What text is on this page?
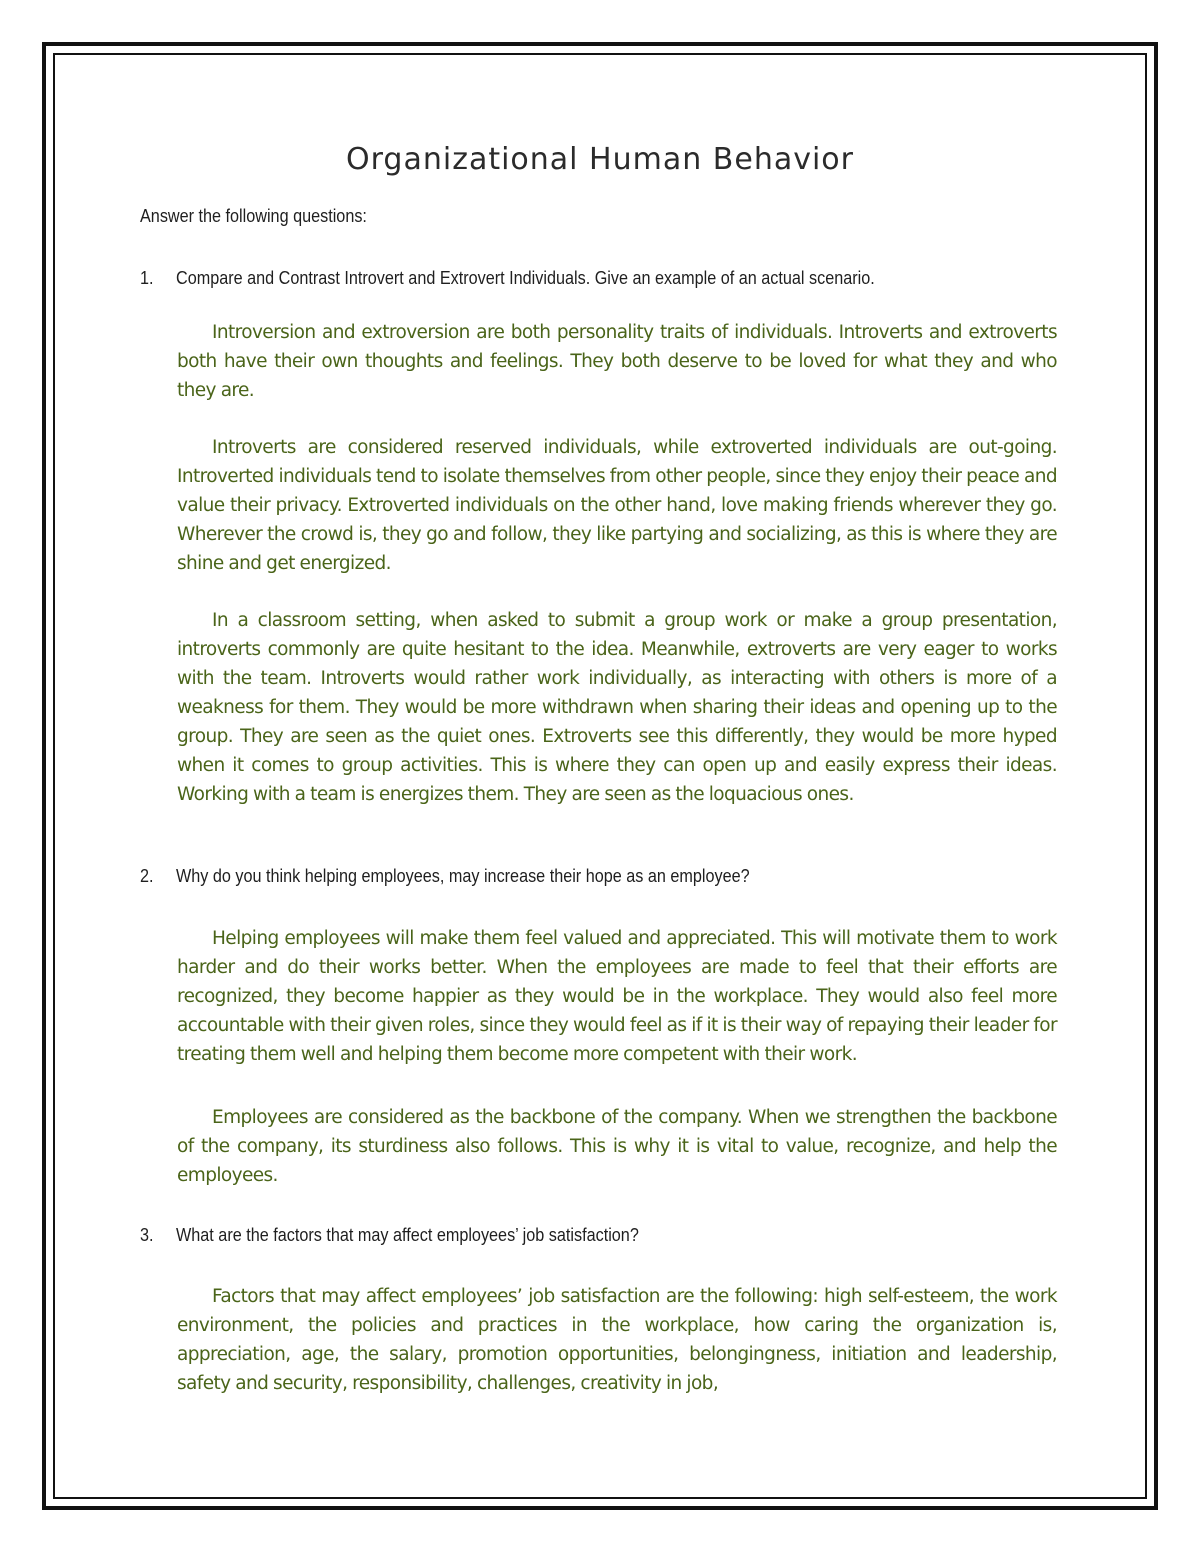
Organizational Human Behavior
Answer the following questions:
1. Compare and Contrast Introvert and Extrovert Individuals. Give an example of an actual scenario.

Introversion and extroversion are both personality traits of individuals. Introverts and extroverts both have their own thoughts and feelings. They both deserve to be loved for what they and who they are.

Introverts are considered reserved individuals, while extroverted individuals are out-going. Introverted individuals tend to isolate themselves from other people, since they enjoy their peace and value their privacy. Extroverted individuals on the other hand, love making friends wherever they go. Wherever the crowd is, they go and follow, they like partying and socializing, as this is where they are shine and get energized.

In a classroom setting, when asked to submit a group work or make a group presentation, introverts commonly are quite hesitant to the idea. Meanwhile, extroverts are very eager to works with the team. Introverts would rather work individually, as interacting with others is more of a weakness for them. They would be more withdrawn when sharing their ideas and opening up to the group. They are seen as the quiet ones. Extroverts see this differently, they would be more hyped when it comes to group activities. This is where they can open up and easily express their ideas. Working with a team is energizes them. They are seen as the loquacious ones.

2. Why do you think helping employees, may increase their hope as an employee?

Helping employees will make them feel valued and appreciated. This will motivate them to work harder and do their works better. When the employees are made to feel that their efforts are recognized, they become happier as they would be in the workplace. They would also feel more accountable with their given roles, since they would feel as if it is their way of repaying their leader for treating them well and helping them become more competent with their work.

Employees are considered as the backbone of the company. When we strengthen the backbone of the company, its sturdiness also follows. This is why it is vital to value, recognize, and help the employees.

3. What are the factors that may affect employees’ job satisfaction?

Factors that may affect employees’ job satisfaction are the following: high self-esteem, the work environment, the policies and practices in the workplace, how caring the organization is, appreciation, age, the salary, promotion opportunities, belongingness, initiation and leadership, safety and security, responsibility, challenges, creativity in job,
